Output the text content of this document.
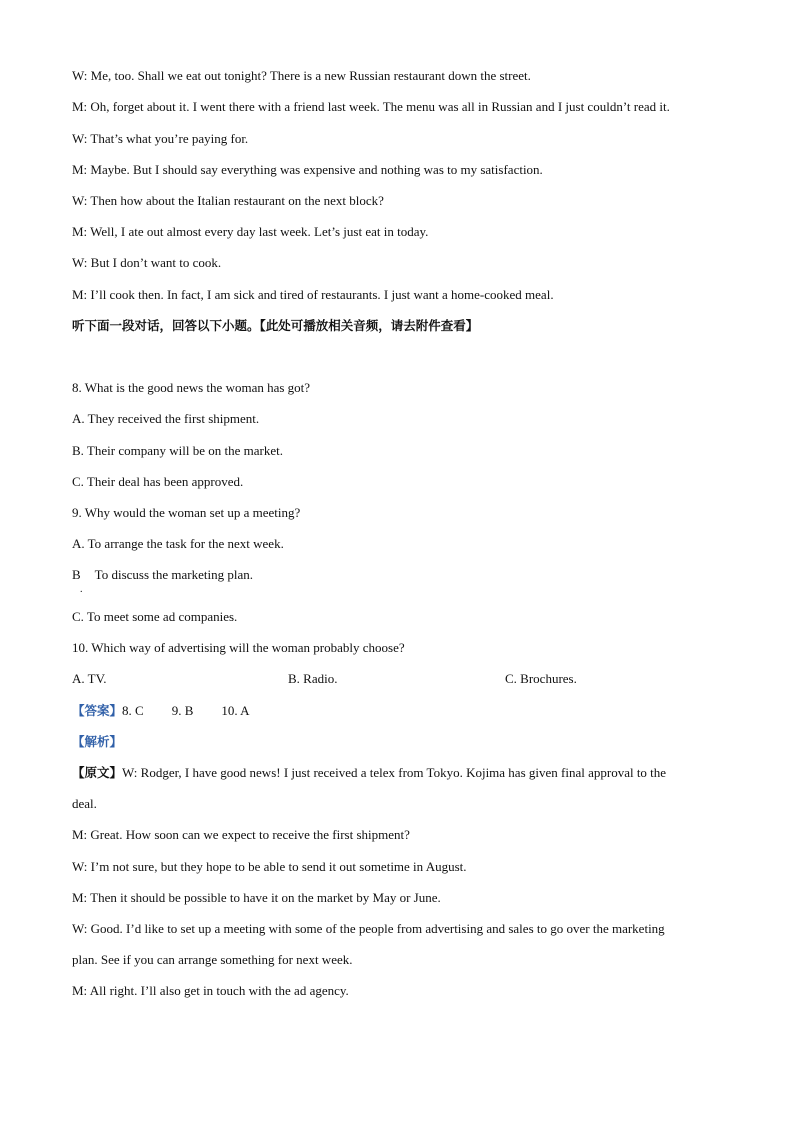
W: Me, too. Shall we eat out tonight? There is a new Russian restaurant down the street.
M: Oh, forget about it. I went there with a friend last week. The menu was all in Russian and I just couldn’t read it.
W: That’s what you’re paying for.
M: Maybe. But I should say everything was expensive and nothing was to my satisfaction.
W: Then how about the Italian restaurant on the next block?
M: Well, I ate out almost every day last week. Let’s just eat in today.
W: But I don’t want to cook.
M: I’ll cook then. In fact, I am sick and tired of restaurants. I just want a home-cooked meal.
听下面一段对话，回答以下小题。【此处可播放相关音频，请去附件查看】
8. What is the good news the woman has got?
A. They received the first shipment.
B. Their company will be on the market.
C. Their deal has been approved.
9. Why would the woman set up a meeting?
A. To arrange the task for the next week.
B To discuss the marketing plan.
.
C. To meet some ad companies.
10. Which way of advertising will the woman probably choose?
A. TV.	B. Radio.	C. Brochures.
【答案】8. C 9. B 10. A
【解析】
【原文】W: Rodger, I have good news! I just received a telex from Tokyo. Kojima has given final approval to the
deal.
M: Great. How soon can we expect to receive the first shipment?
W: I’m not sure, but they hope to be able to send it out sometime in August.
M: Then it should be possible to have it on the market by May or June.
W: Good. I’d like to set up a meeting with some of the people from advertising and sales to go over the marketing
plan. See if you can arrange something for next week.
M: All right. I’ll also get in touch with the ad agency.
